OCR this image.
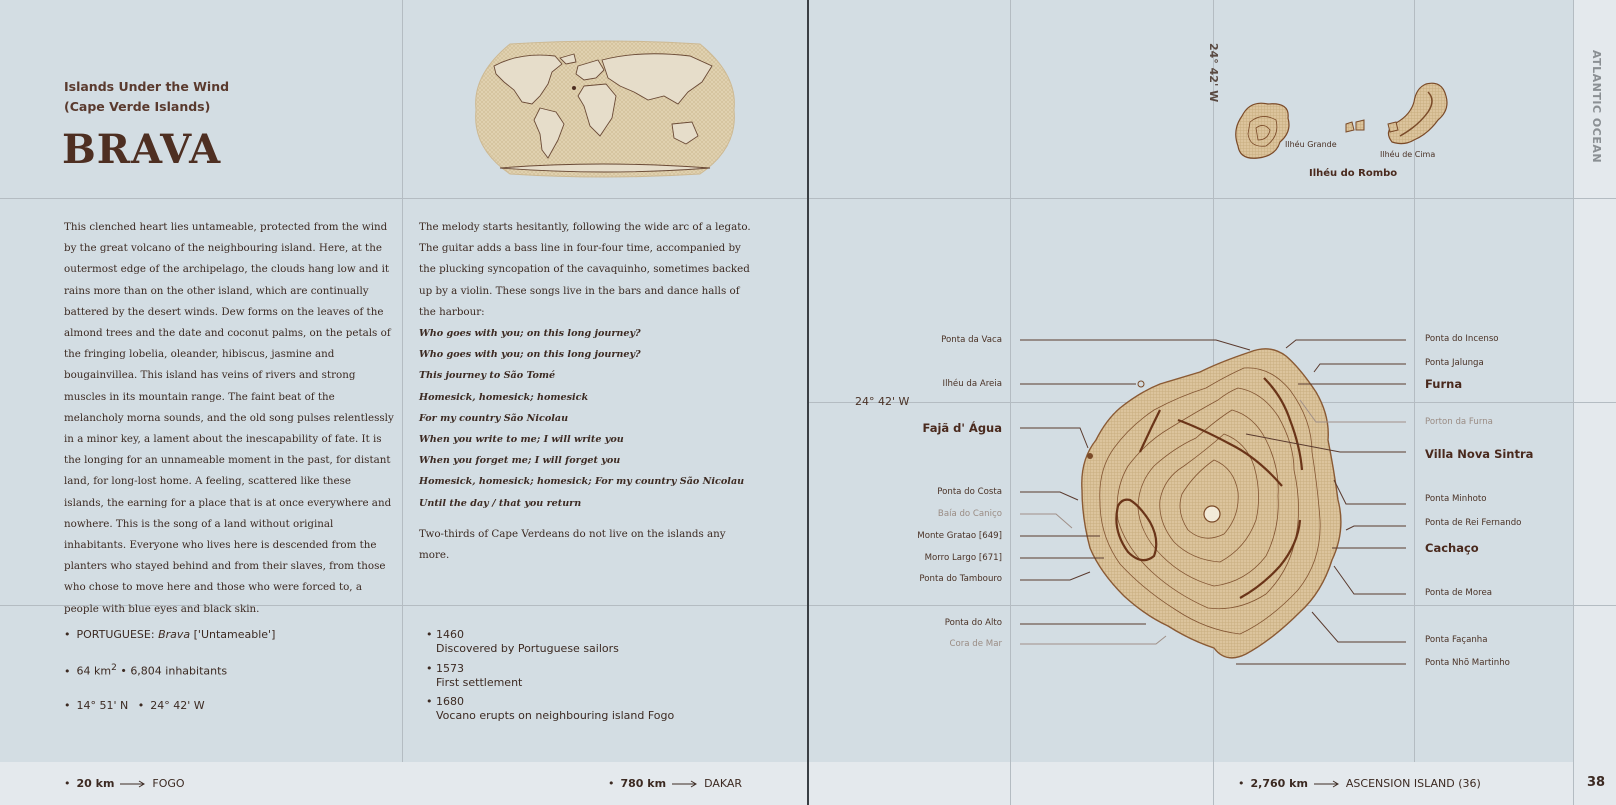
Islands Under the Wind
(Cape Verde Islands)
BRAVA

This clenched heart lies untameable, protected from the wind by the great volcano of the neighbouring island. Here, at the outermost edge of the archipelago, the clouds hang low and it rains more than on the other island, which are continually battered by the desert winds. Dew forms on the leaves of the almond trees and the date and coconut palms, on the petals of the fringing lobelia, oleander, hibiscus, jasmine and bougainvillea. This island has veins of rivers and strong muscles in its mountain range. The faint beat of the melancholy morna sounds, and the old song pulses relentlessly in a minor key, a lament about the inescapability of fate. It is the longing for an unnameable moment in the past, for distant land, for long-lost home. A feeling, scattered like these islands, the earning for a place that is at once everywhere and nowhere. This is the song of a land without original inhabitants. Everyone who lives here is descended from the planters who stayed behind and from their slaves, from those who chose to move here and those who were forced to, a people with blue eyes and black skin.

The melody starts hesitantly, following the wide arc of a legato. The guitar adds a bass line in four-four time, accompanied by the plucking syncopation of the cavaquinho, sometimes backed up by a violin. These songs live in the bars and dance halls of the harbour:

Who goes with you; on this long journey?

Who goes with you; on this long journey?

This journey to São Tomé

Homesick, homesick; homesick

For my country São Nicolau

When you write to me; I will write you

When you forget me; I will forget you

Homesick, homesick; homesick; For my country São Nicolau

Until the day / that you return

Two-thirds of Cape Verdeans do not live on the islands any more.

• PORTUGUESE: Brava ['Untameable']
• 64 $km^2$ • 6,804 inhabitants
• 14° 51' N • 24° 42' W
• 1460
Discovered by Portuguese sailors
• 1573
First settlement
• 1680
Vocano erupts on neighbouring island Fogo
• 20 km	FOGO	• 780 km	DAKAR	• 2,760 km	ASCENSION ISLAND (36)	38
ATLANTIC OCEAN
24° 42' W
24° 42' W
Ilhéu Grande
Ilhéu de Cima
Ilhéu do Rombo
Ponta da Vaca
Ilhéu da Areia
Fajã d' Água
Ponta do Costa
Baía do Caniço
Monte Gratao [649]
Morro Largo [671]
Ponta do Tambouro
Ponta do Alto
Cora de Mar
Ponta do Incenso
Ponta Jalunga
Furna
Porton da Furna
Villa Nova Sintra
Ponta Minhoto
Ponta de Rei Fernando
Cachaço
Ponta de Morea
Ponta Façanha
Ponta Nhõ Martinho
